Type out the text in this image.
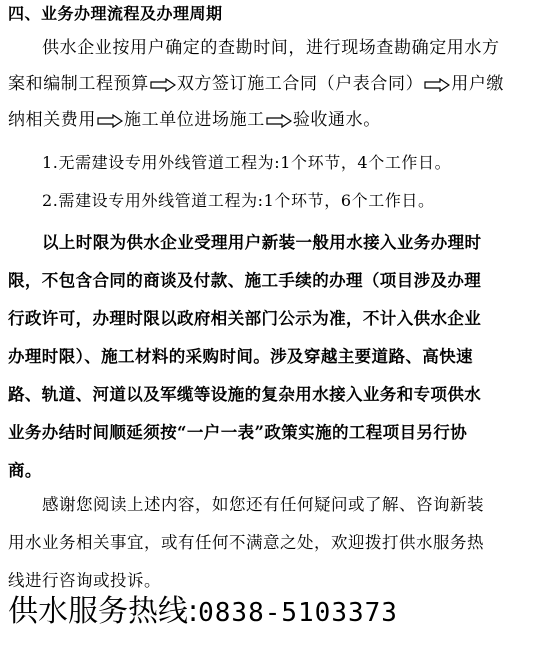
四、业务办理流程及办理周期
供水企业按用户确定的查勘时间，进行现场查勘确定用水方
案和编制工程预算 双方签订施工合同（户表合同） 用户缴
纳相关费用 施工单位进场施工 验收通水。
1.无需建设专用外线管道工程为:1个环节，4个工作日。
2.需建设专用外线管道工程为:1个环节，6个工作日。
以上时限为供水企业受理用户新装一般用水接入业务办理时
限，不包含合同的商谈及付款、施工手续的办理（项目涉及办理
行政许可，办理时限以政府相关部门公示为准，不计入供水企业
办理时限）、施工材料的采购时间。涉及穿越主要道路、高快速
路、轨道、河道以及军缆等设施的复杂用水接入业务和专项供水
业务办结时间顺延须按“一户一表”政策实施的工程项目另行协
商。
感谢您阅读上述内容，如您还有任何疑问或了解、咨询新装
用水业务相关事宜，或有任何不满意之处，欢迎拨打供水服务热
线进行咨询或投诉。
供水服务热线:0838-5103373
